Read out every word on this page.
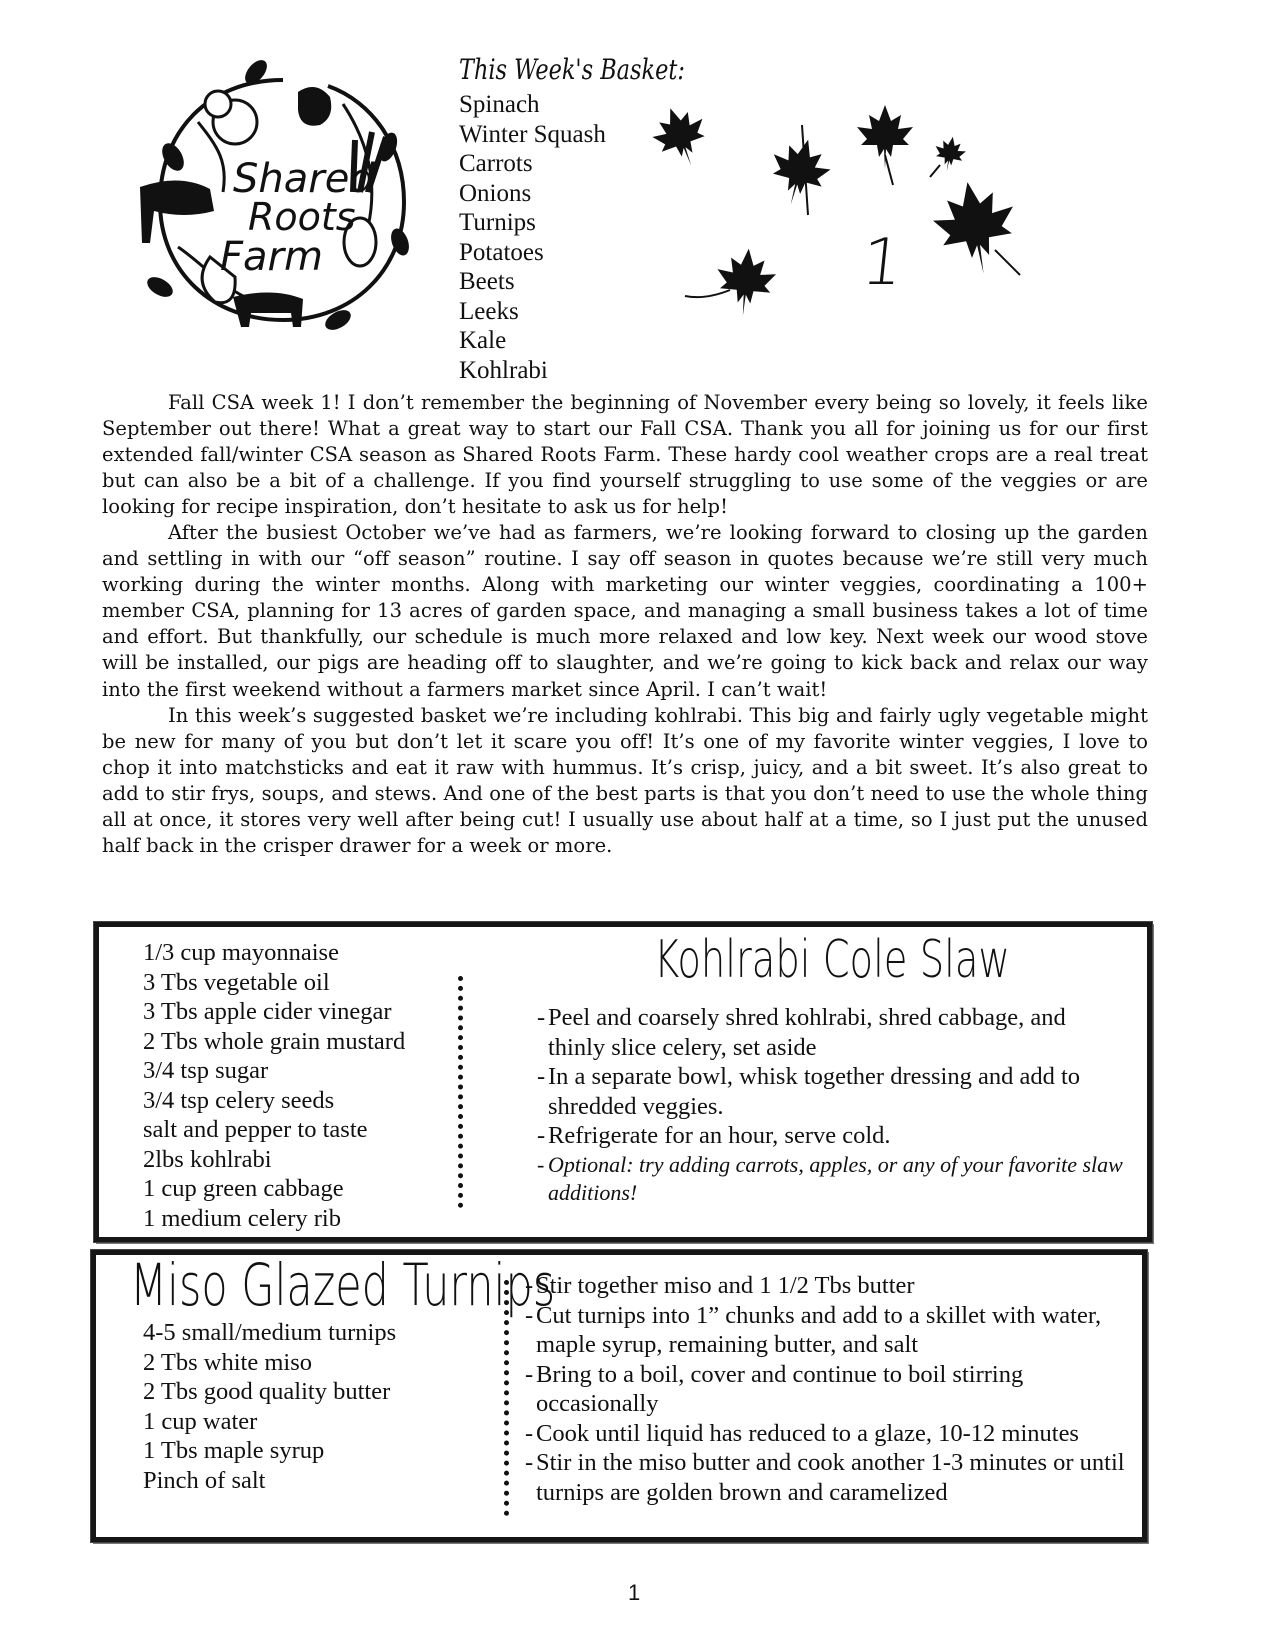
Shared
Roots
Farm
This Week's Basket:
Spinach
Winter Squash
Carrots
Onions
Turnips
Potatoes
Beets
Leeks
Kale
Kohlrabi
1

Fall CSA week 1! I don’t remember the beginning of November every being so lovely, it feels like September out there! What a great way to start our Fall CSA. Thank you all for joining us for our first extended fall/winter CSA season as Shared Roots Farm. These hardy cool weather crops are a real treat but can also be a bit of a challenge. If you find yourself struggling to use some of the veggies or are looking for recipe inspiration, don’t hesitate to ask us for help!

After the busiest October we’ve had as farmers, we’re looking forward to closing up the garden and settling in with our “off season” routine. I say off season in quotes because we’re still very much working during the winter months. Along with marketing our winter veggies, coordinating a 100+ member CSA, planning for 13 acres of garden space, and managing a small business takes a lot of time and effort. But thankfully, our schedule is much more relaxed and low key. Next week our wood stove will be installed, our pigs are heading off to slaughter, and we’re going to kick back and relax our way into the first weekend without a farmers market since April. I can’t wait!

In this week’s suggested basket we’re including kohlrabi. This big and fairly ugly vegetable might be new for many of you but don’t let it scare you off! It’s one of my favorite winter veggies, I love to chop it into matchsticks and eat it raw with hummus. It’s crisp, juicy, and a bit sweet. It’s also great to add to stir frys, soups, and stews. And one of the best parts is that you don’t need to use the whole thing all at once, it stores very well after being cut! I usually use about half at a time, so I just put the unused half back in the crisper drawer for a week or more.

1/3 cup mayonnaise
3 Tbs vegetable oil
3 Tbs apple cider vinegar
2 Tbs whole grain mustard
3/4 tsp sugar
3/4 tsp celery seeds
salt and pepper to taste
2lbs kohlrabi
1 cup green cabbage
1 medium celery rib
Kohlrabi Cole Slaw
- Peel and coarsely shred kohlrabi, shred cabbage, and thinly slice celery, set aside
- In a separate bowl, whisk together dressing and add to shredded veggies.
- Refrigerate for an hour, serve cold.
- Optional: try adding carrots, apples, or any of your favorite slaw additions!
Miso Glazed Turnips
4-5 small/medium turnips
2 Tbs white miso
2 Tbs good quality butter
1 cup water
1 Tbs maple syrup
Pinch of salt
- Stir together miso and 1 1/2 Tbs butter
- Cut turnips into 1” chunks and add to a skillet with water, maple syrup, remaining butter, and salt
- Bring to a boil, cover and continue to boil stirring occasionally
- Cook until liquid has reduced to a glaze, 10-12 minutes
- Stir in the miso butter and cook another 1-3 minutes or until turnips are golden brown and caramelized
1
